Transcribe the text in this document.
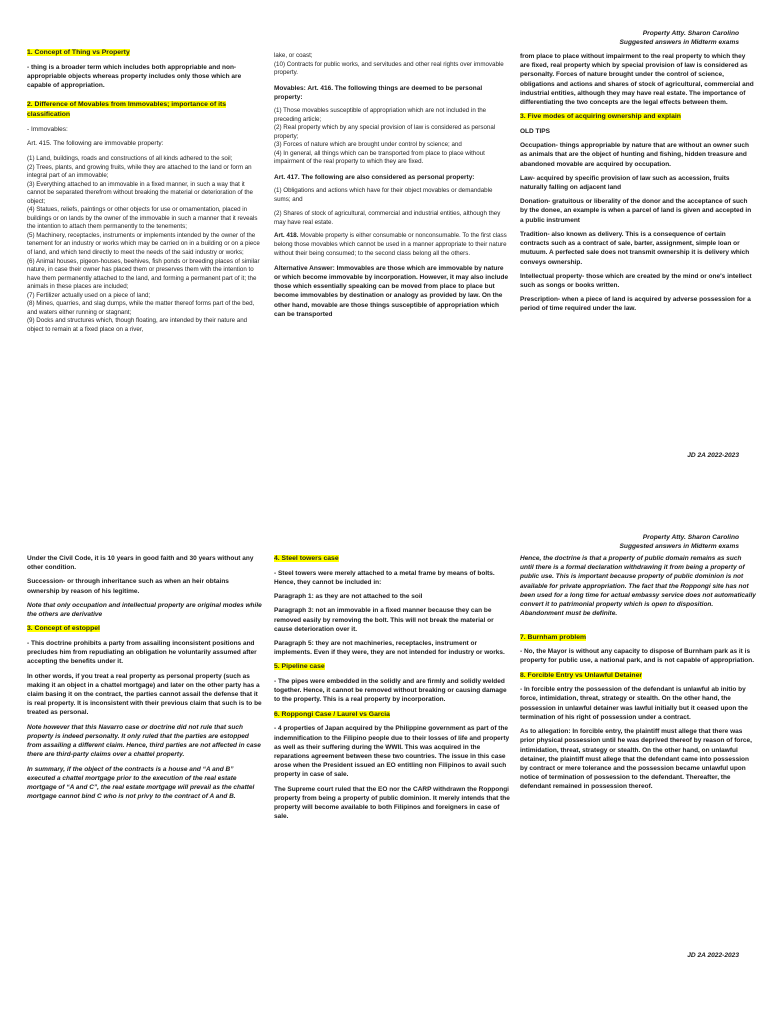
Property Atty. Sharon Carolino
Suggested answers in Midterm exams

1. Concept of Thing vs Property

- thing is a broader term which includes both appropriable and non-appropriable objects whereas property includes only those which are capable of appropriation.

2. Difference of Movables from Immovables; importance of its classification

- Immovables:

Art. 415. The following are immovable property:

(1) Land, buildings, roads and constructions of all kinds adhered to the soil;

(2) Trees, plants, and growing fruits, while they are attached to the land or form an integral part of an immovable;

(3) Everything attached to an immovable in a fixed manner, in such a way that it cannot be separated therefrom without breaking the material or deterioration of the object;

(4) Statues, reliefs, paintings or other objects for use or ornamentation, placed in buildings or on lands by the owner of the immovable in such a manner that it reveals the intention to attach them permanently to the tenements;

(5) Machinery, receptacles, instruments or implements intended by the owner of the tenement for an industry or works which may be carried on in a building or on a piece of land, and which tend directly to meet the needs of the said industry or works;

(6) Animal houses, pigeon-houses, beehives, fish ponds or breeding places of similar nature, in case their owner has placed them or preserves them with the intention to have them permanently attached to the land, and forming a permanent part of it; the animals in these places are included;

(7) Fertilizer actually used on a piece of land;

(8) Mines, quarries, and slag dumps, while the matter thereof forms part of the bed, and waters either running or stagnant;

(9) Docks and structures which, though floating, are intended by their nature and object to remain at a fixed place on a river,

lake, or coast;

(10) Contracts for public works, and servitudes and other real rights over immovable property.

Movables: Art. 416. The following things are deemed to be personal property:

(1) Those movables susceptible of appropriation which are not included in the preceding article;

(2) Real property which by any special provision of law is considered as personal property;

(3) Forces of nature which are brought under control by science; and

(4) In general, all things which can be transported from place to place without impairment of the real property to which they are fixed.

Art. 417. The following are also considered as personal property:

(1) Obligations and actions which have for their object movables or demandable sums; and

(2) Shares of stock of agricultural, commercial and industrial entities, although they may have real estate.

Art. 418. Movable property is either consumable or nonconsumable. To the first class belong those movables which cannot be used in a manner appropriate to their nature without their being consumed; to the second class belong all the others.

Alternative Answer: Immovables are those which are immovable by nature or which become immovable by incorporation. However, it may also include those which essentially speaking can be moved from place to place but become immovables by destination or analogy as provided by law. On the other hand, movable are those things susceptible of appropriation which can be transported

from place to place without impairment to the real property to which they are fixed, real property which by special provision of law is considered as personalty. Forces of nature brought under the control of science, obligations and actions and shares of stock of agricultural, commercial and industrial entities, although they may have real estate. The importance of differentiating the two concepts are the legal effects between them.

3. Five modes of acquiring ownership and explain

OLD TIPS

Occupation- things appropriable by nature that are without an owner such as animals that are the object of hunting and fishing, hidden treasure and abandoned movable are acquired by occupation.

Law- acquired by specific provision of law such as accession, fruits naturally falling on adjacent land

Donation- gratuitous or liberality of the donor and the acceptance of such by the donee, an example is when a parcel of land is given and accepted in a public instrument

Tradition- also known as delivery. This is a consequence of certain contracts such as a contract of sale, barter, assignment, simple loan or mutuum. A perfected sale does not transmit ownership it is delivery which conveys ownership.

Intellectual property- those which are created by the mind or one's intellect such as songs or books written.

Prescription- when a piece of land is acquired by adverse possession for a period of time required under the law.

JD 2A 2022-2023
Property Atty. Sharon Carolino
Suggested answers in Midterm exams

Under the Civil Code, it is 10 years in good faith and 30 years without any other condition.

Succession- or through inheritance such as when an heir obtains ownership by reason of his legitime.

Note that only occupation and intellectual property are original modes while the others are derivative

3. Concept of estoppel

- This doctrine prohibits a party from assailing inconsistent positions and precludes him from repudiating an obligation he voluntarily assumed after accepting the benefits under it.

In other words, if you treat a real property as personal property (such as making it an object in a chattel mortgage) and later on the other party has a claim basing it on the contract, the parties cannot assail the defense that it is real property. It is inconsistent with their previous claim that such is to be treated as personal.

Note however that this Navarro case or doctrine did not rule that such property is indeed personalty. It only ruled that the parties are estopped from assailing a different claim. Hence, third parties are not affected in case there are third-party claims over a chattel property.

In summary, if the object of the contracts is a house and “A and B” executed a chattel mortgage prior to the execution of the real estate mortgage of “A and C”, the real estate mortgage will prevail as the chattel mortgage cannot bind C who is not privy to the contract of A and B.

4. Steel towers case

- Steel towers were merely attached to a metal frame by means of bolts. Hence, they cannot be included in:

Paragraph 1: as they are not attached to the soil

Paragraph 3: not an immovable in a fixed manner because they can be removed easily by removing the bolt. This will not break the material or cause deterioration over it.

Paragraph 5: they are not machineries, receptacles, instrument or implements. Even if they were, they are not intended for industry or works.

5. Pipeline case

- The pipes were embedded in the solidly and are firmly and solidly welded together. Hence, it cannot be removed without breaking or causing damage to the property. This is a real property by incorporation.

6. Roppongi Case / Laurel vs Garcia

- 4 properties of Japan acquired by the Philippine government as part of the indemnification to the Filipino people due to their losses of life and property as well as their suffering during the WWII. This was acquired in the reparations agreement between these two countries. The issue in this case arose when the President issued an EO entitling non Filipinos to avail such property in case of sale.

The Supreme court ruled that the EO nor the CARP withdrawn the Roppongi property from being a property of public dominion. It merely intends that the property will become available to both Filipinos and foreigners in case of sale.

Hence, the doctrine is that a property of public domain remains as such until there is a formal declaration withdrawing it from being a property of public use. This is important because property of public dominion is not available for private appropriation. The fact that the Roppongi site has not been used for a long time for actual embassy service does not automatically convert it to patrimonial property which is open to disposition. Abandonment must be definite.

7. Burnham problem

- No, the Mayor is without any capacity to dispose of Burnham park as it is property for public use, a national park, and is not capable of appropriation.

8. Forcible Entry vs Unlawful Detainer

- In forcible entry the possession of the defendant is unlawful ab initio by force, intimidation, threat, strategy or stealth. On the other hand, the possession in unlawful detainer was lawful initially but it ceased upon the termination of his right of possession under a contract.

As to allegation: In forcible entry, the plaintiff must allege that there was prior physical possession until he was deprived thereof by reason of force, intimidation, threat, strategy or stealth. On the other hand, on unlawful detainer, the plaintiff must allege that the defendant came into possession by contract or mere tolerance and the possession became unlawful upon notice of termination of possession to the defendant. Thereafter, the defendant remained in possession thereof.

JD 2A 2022-2023
